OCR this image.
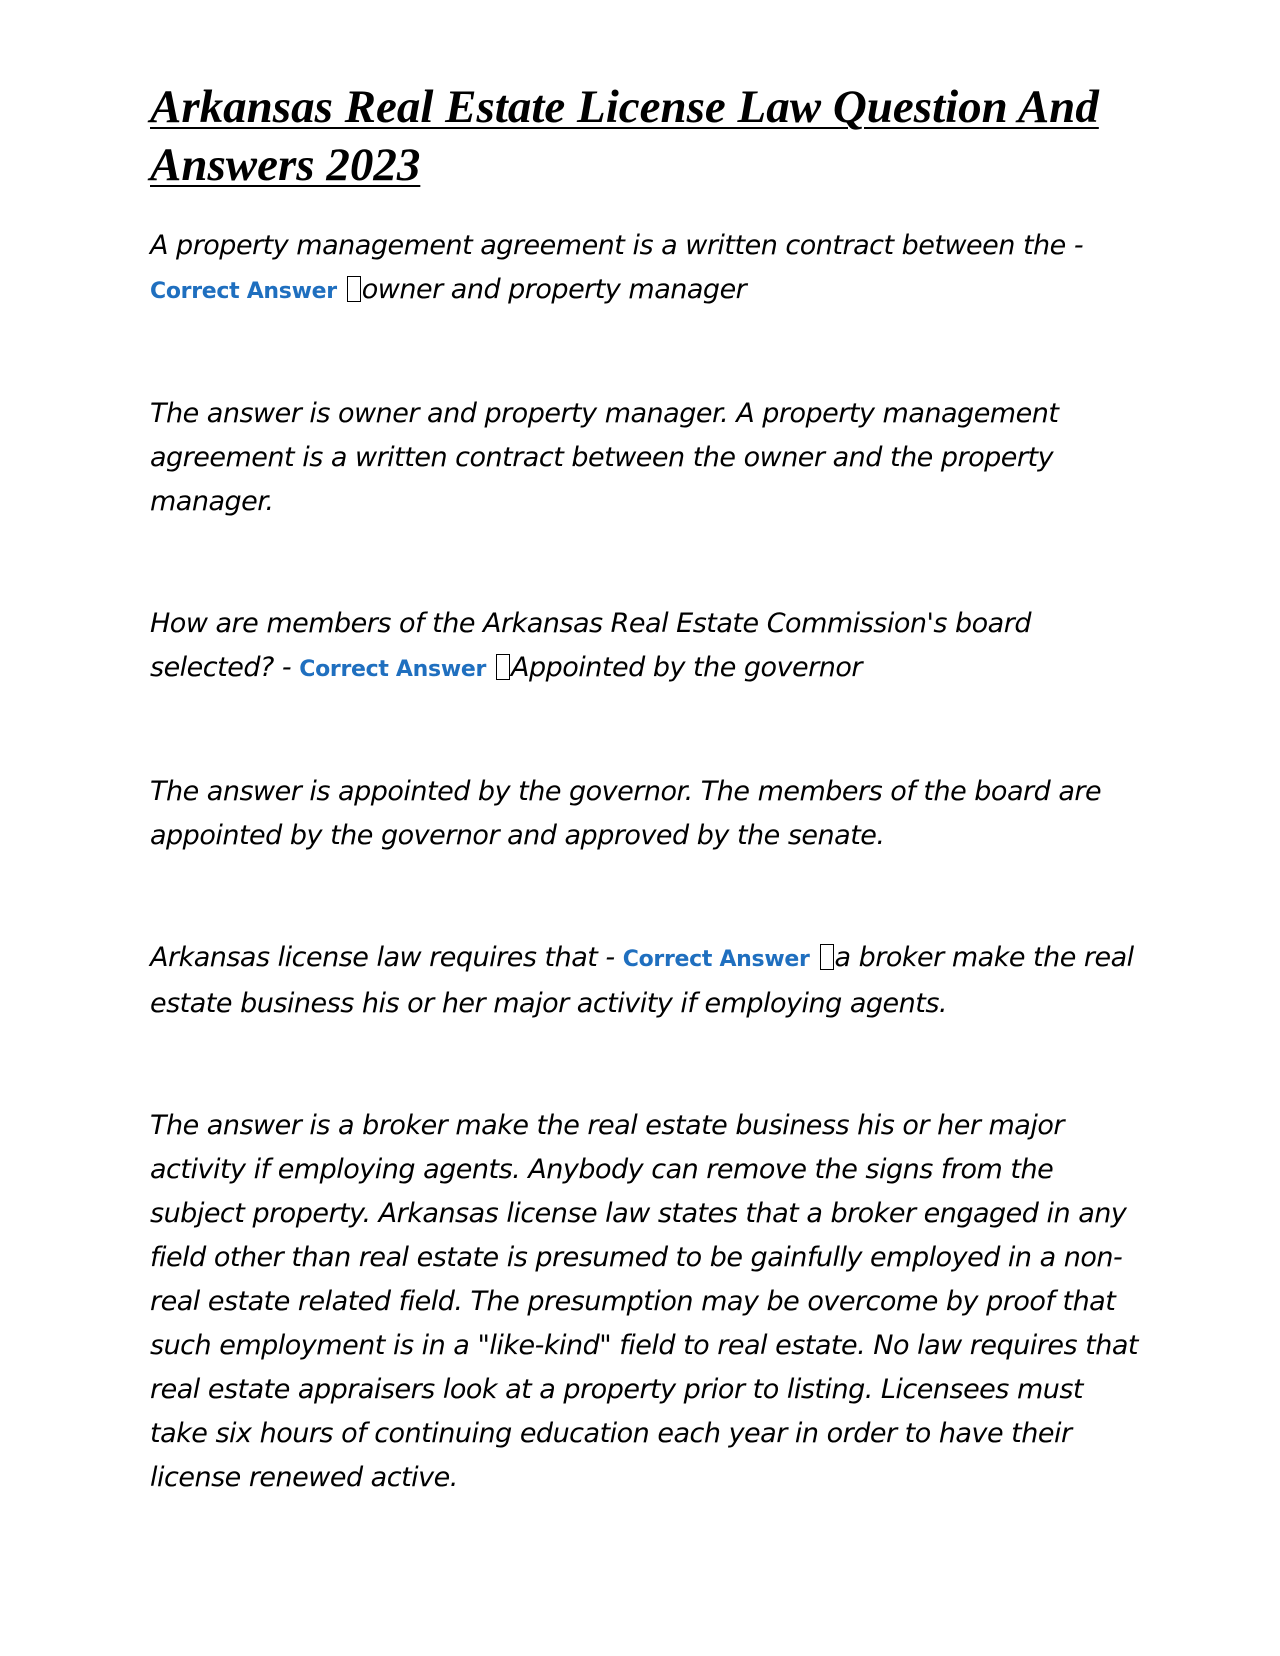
Arkansas Real Estate License Law Question And Answers 2023

A property management agreement is a written contract between the -
Correct Answer owner and property manager

The answer is owner and property manager. A property management agreement is a written contract between the owner and the property manager.

How are members of the Arkansas Real Estate Commission's board selected? - Correct Answer Appointed by the governor

The answer is appointed by the governor. The members of the board are appointed by the governor and approved by the senate.

Arkansas license law requires that - Correct Answer a broker make the real estate business his or her major activity if employing agents.

The answer is a broker make the real estate business his or her major activity if employing agents. Anybody can remove the signs from the subject property. Arkansas license law states that a broker engaged in any field other than real estate is presumed to be gainfully employed in a non-real estate related field. The presumption may be overcome by proof that such employment is in a "like-kind" field to real estate. No law requires that real estate appraisers look at a property prior to listing. Licensees must take six hours of continuing education each year in order to have their license renewed active.
